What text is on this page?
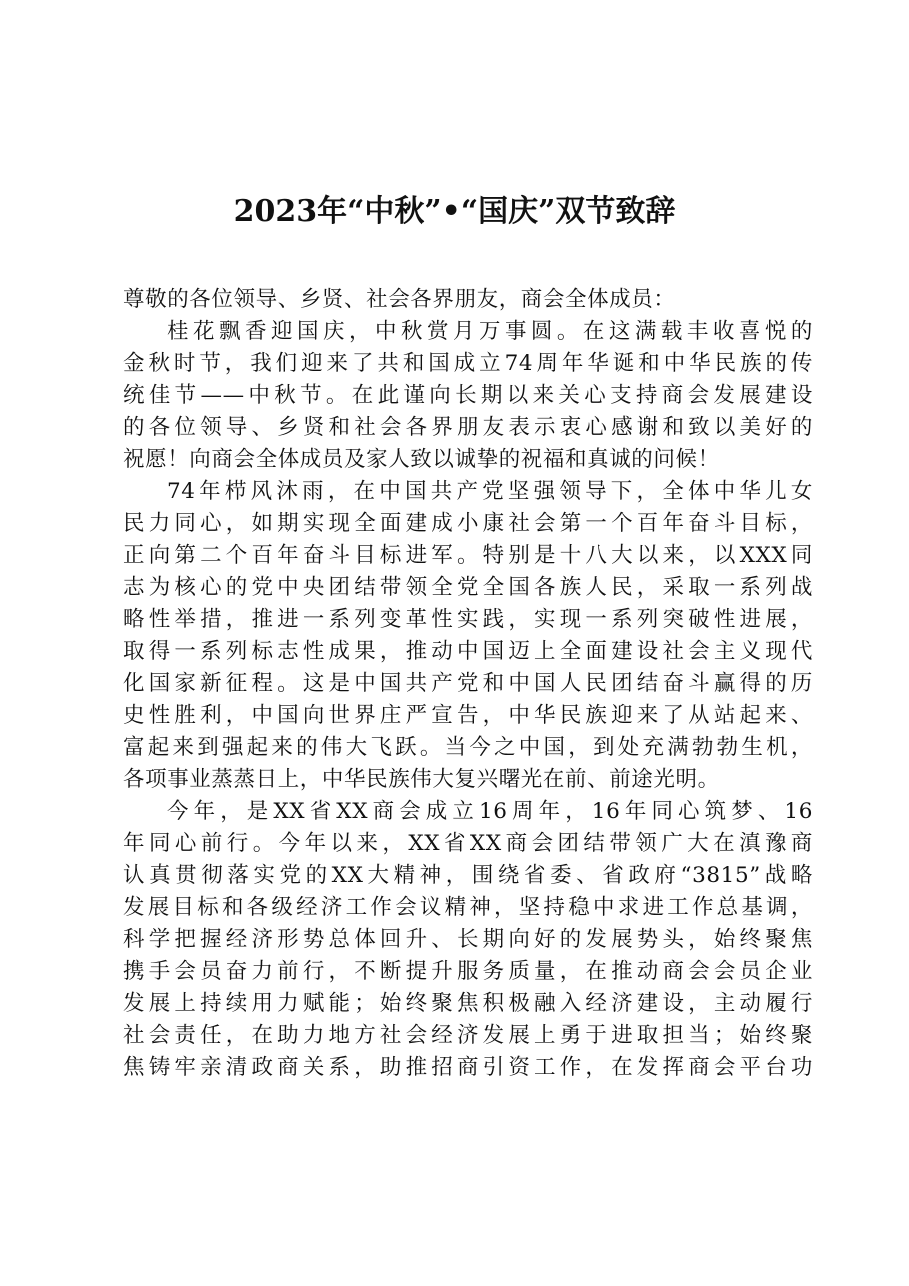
2023年“中秋”•“国庆”双节致辞
尊敬的各位领导、乡贤、社会各界朋友，商会全体成员：
桂花飘香迎国庆，中秋赏月万事圆。在这满载丰收喜悦的
金秋时节，我们迎来了共和国成立74周年华诞和中华民族的传
统佳节——中秋节。在此谨向长期以来关心支持商会发展建设
的各位领导、乡贤和社会各界朋友表示衷心感谢和致以美好的
祝愿！向商会全体成员及家人致以诚挚的祝福和真诚的问候！
74年栉风沐雨，在中国共产党坚强领导下，全体中华儿女
民力同心，如期实现全面建成小康社会第一个百年奋斗目标，
正向第二个百年奋斗目标进军。特别是十八大以来，以XXX同
志为核心的党中央团结带领全党全国各族人民，采取一系列战
略性举措，推进一系列变革性实践，实现一系列突破性进展，
取得一系列标志性成果，推动中国迈上全面建设社会主义现代
化国家新征程。这是中国共产党和中国人民团结奋斗赢得的历
史性胜利，中国向世界庄严宣告，中华民族迎来了从站起来、
富起来到强起来的伟大飞跃。当今之中国，到处充满勃勃生机，
各项事业蒸蒸日上，中华民族伟大复兴曙光在前、前途光明。
今年，是XX省XX商会成立16周年，16年同心筑梦、16
年同心前行。今年以来，XX省XX商会团结带领广大在滇豫商
认真贯彻落实党的XX大精神，围绕省委、省政府“3815”战略
发展目标和各级经济工作会议精神，坚持稳中求进工作总基调，
科学把握经济形势总体回升、长期向好的发展势头，始终聚焦
携手会员奋力前行，不断提升服务质量，在推动商会会员企业
发展上持续用力赋能；始终聚焦积极融入经济建设，主动履行
社会责任，在助力地方社会经济发展上勇于进取担当；始终聚
焦铸牢亲清政商关系，助推招商引资工作，在发挥商会平台功
